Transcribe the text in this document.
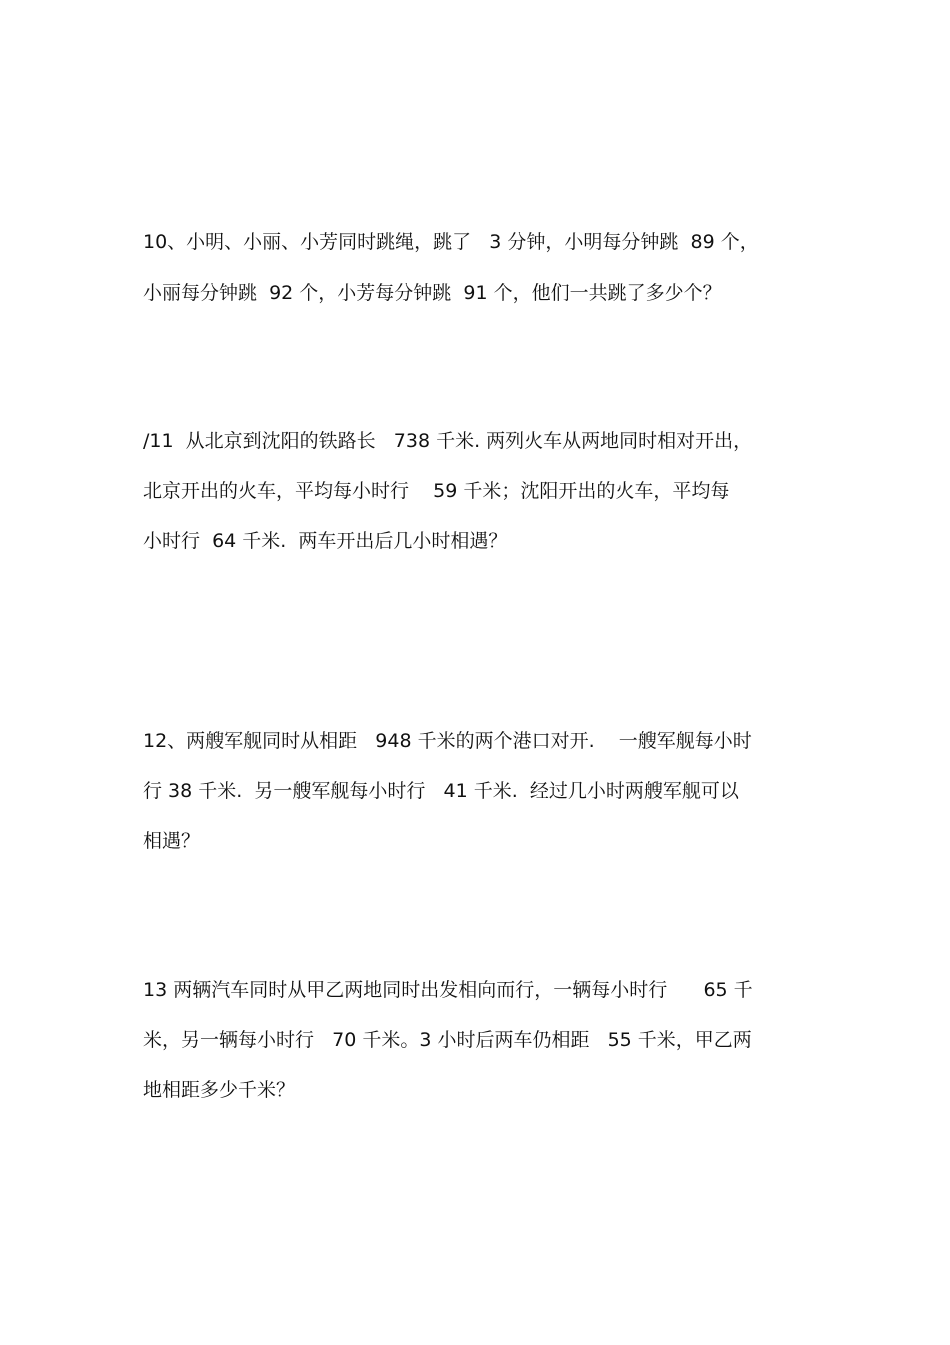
10、小明、小丽、小芳同时跳绳，跳了   3 分钟，小明每分钟跳  89 个，

小丽每分钟跳  92 个，小芳每分钟跳  91 个，他们一共跳了多少个？

/11  从北京到沈阳的铁路长   738 千米. 两列火车从两地同时相对开出，

北京开出的火车，平均每小时行    59 千米；沈阳开出的火车，平均每

小时行  64 千米.  两车开出后几小时相遇？

12、两艘军舰同时从相距   948 千米的两个港口对开.    一艘军舰每小时

行 38 千米.  另一艘军舰每小时行   41 千米.  经过几小时两艘军舰可以

相遇？

13 两辆汽车同时从甲乙两地同时出发相向而行，一辆每小时行      65 千

米，另一辆每小时行   70 千米。3 小时后两车仍相距   55 千米，甲乙两

地相距多少千米？
